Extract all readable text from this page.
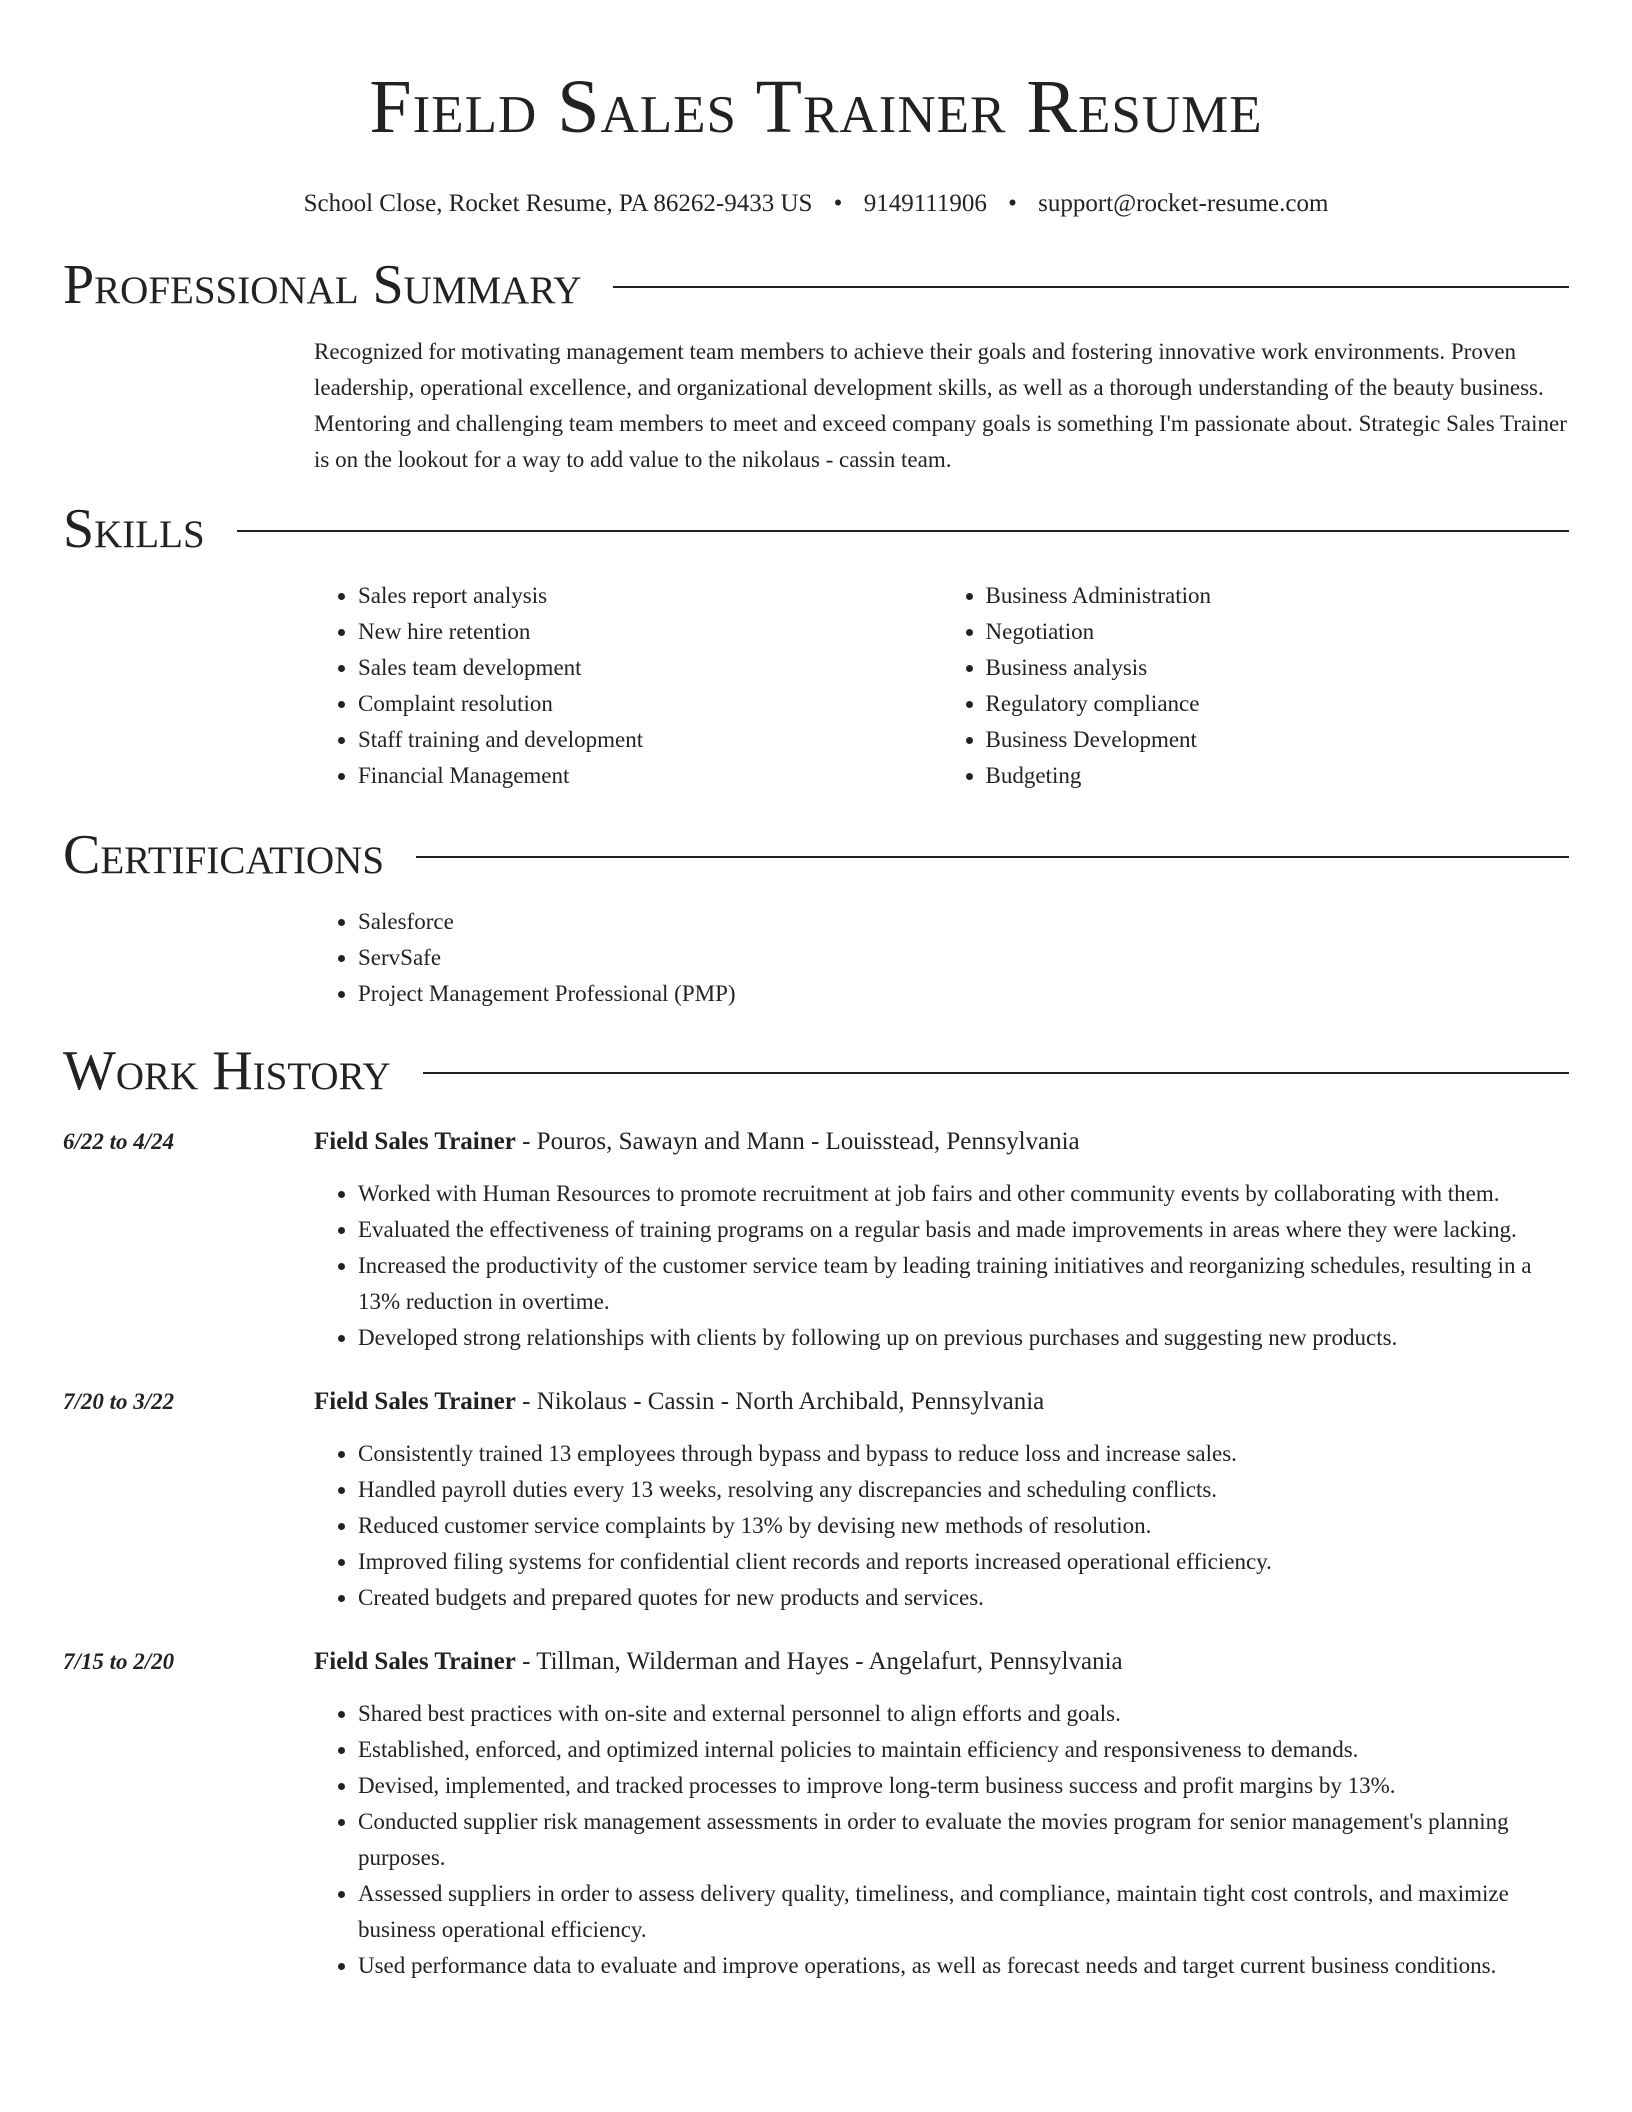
Field Sales Trainer Resume
School Close, Rocket Resume, PA 86262-9433 US • 9149111906 • support@rocket-resume.com
Professional Summary
Recognized for motivating management team members to achieve their goals and fostering innovative work environments. Proven leadership, operational excellence, and organizational development skills, as well as a thorough understanding of the beauty business. Mentoring and challenging team members to meet and exceed company goals is something I'm passionate about. Strategic Sales Trainer is on the lookout for a way to add value to the nikolaus - cassin team.
Skills
• Sales report analysis
• New hire retention
• Sales team development
• Complaint resolution
• Staff training and development
• Financial Management
• Business Administration
• Negotiation
• Business analysis
• Regulatory compliance
• Business Development
• Budgeting
Certifications
• Salesforce
• ServSafe
• Project Management Professional (PMP)
Work History
6/22 to 4/24	Field Sales Trainer - Pouros, Sawayn and Mann - Louisstead, Pennsylvania
• Worked with Human Resources to promote recruitment at job fairs and other community events by collaborating with them.
• Evaluated the effectiveness of training programs on a regular basis and made improvements in areas where they were lacking.
• Increased the productivity of the customer service team by leading training initiatives and reorganizing schedules, resulting in a 13% reduction in overtime.
• Developed strong relationships with clients by following up on previous purchases and suggesting new products.
7/20 to 3/22	Field Sales Trainer - Nikolaus - Cassin - North Archibald, Pennsylvania
• Consistently trained 13 employees through bypass and bypass to reduce loss and increase sales.
• Handled payroll duties every 13 weeks, resolving any discrepancies and scheduling conflicts.
• Reduced customer service complaints by 13% by devising new methods of resolution.
• Improved filing systems for confidential client records and reports increased operational efficiency.
• Created budgets and prepared quotes for new products and services.
7/15 to 2/20	Field Sales Trainer - Tillman, Wilderman and Hayes - Angelafurt, Pennsylvania
• Shared best practices with on-site and external personnel to align efforts and goals.
• Established, enforced, and optimized internal policies to maintain efficiency and responsiveness to demands.
• Devised, implemented, and tracked processes to improve long-term business success and profit margins by 13%.
• Conducted supplier risk management assessments in order to evaluate the movies program for senior management's planning purposes.
• Assessed suppliers in order to assess delivery quality, timeliness, and compliance, maintain tight cost controls, and maximize business operational efficiency.
• Used performance data to evaluate and improve operations, as well as forecast needs and target current business conditions.
